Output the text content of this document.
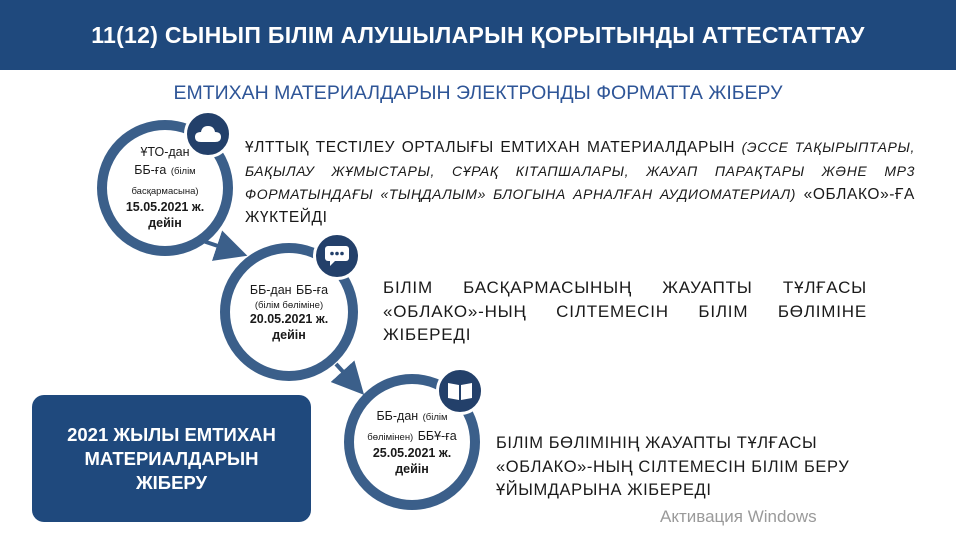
11(12) СЫНЫП БІЛІМ АЛУШЫЛАРЫН ҚОРЫТЫНДЫ АТТЕСТАТТАУ
ЕМТИХАН МАТЕРИАЛДАРЫН ЭЛЕКТРОНДЫ ФОРМАТТА ЖІБЕРУ
ҰТО-дан
ББ-ға (білім басқармасына)
15.05.2021 ж.
дейін
ҰЛТТЫҚ ТЕСТІЛЕУ ОРТАЛЫҒЫ ЕМТИХАН МАТЕРИАЛДАРЫН (ЭССЕ ТАҚЫРЫПТАРЫ, БАҚЫЛАУ ЖҰМЫСТАРЫ, СҰРАҚ КІТАПШАЛАРЫ, ЖАУАП ПАРАҚТАРЫ ЖӘНЕ МР3 ФОРМАТЫНДАҒЫ «ТЫҢДАЛЫМ» БЛОГЫНА АРНАЛҒАН АУДИОМАТЕРИАЛ) «ОБЛАКО»-ҒА ЖҮКТЕЙДІ
ББ-дан ББ-ға
(білім бөліміне)
20.05.2021 ж.
дейін
БІЛІМ БАСҚАРМАСЫНЫҢ ЖАУАПТЫ ТҰЛҒАСЫ «ОБЛАКО»-НЫҢ СІЛТЕМЕСІН БІЛІМ БӨЛІМІНЕ ЖІБЕРЕДІ
ББ-дан (білім бөлімінен) ББҰ-ға
25.05.2021 ж.
дейін
БІЛІМ БӨЛІМІНІҢ ЖАУАПТЫ ТҰЛҒАСЫ «ОБЛАКО»-НЫҢ СІЛТЕМЕСІН БІЛІМ БЕРУ ҰЙЫМДАРЫНА ЖІБЕРЕДІ
2021 ЖЫЛЫ ЕМТИХАН МАТЕРИАЛДАРЫН ЖІБЕРУ
Активация Windows
